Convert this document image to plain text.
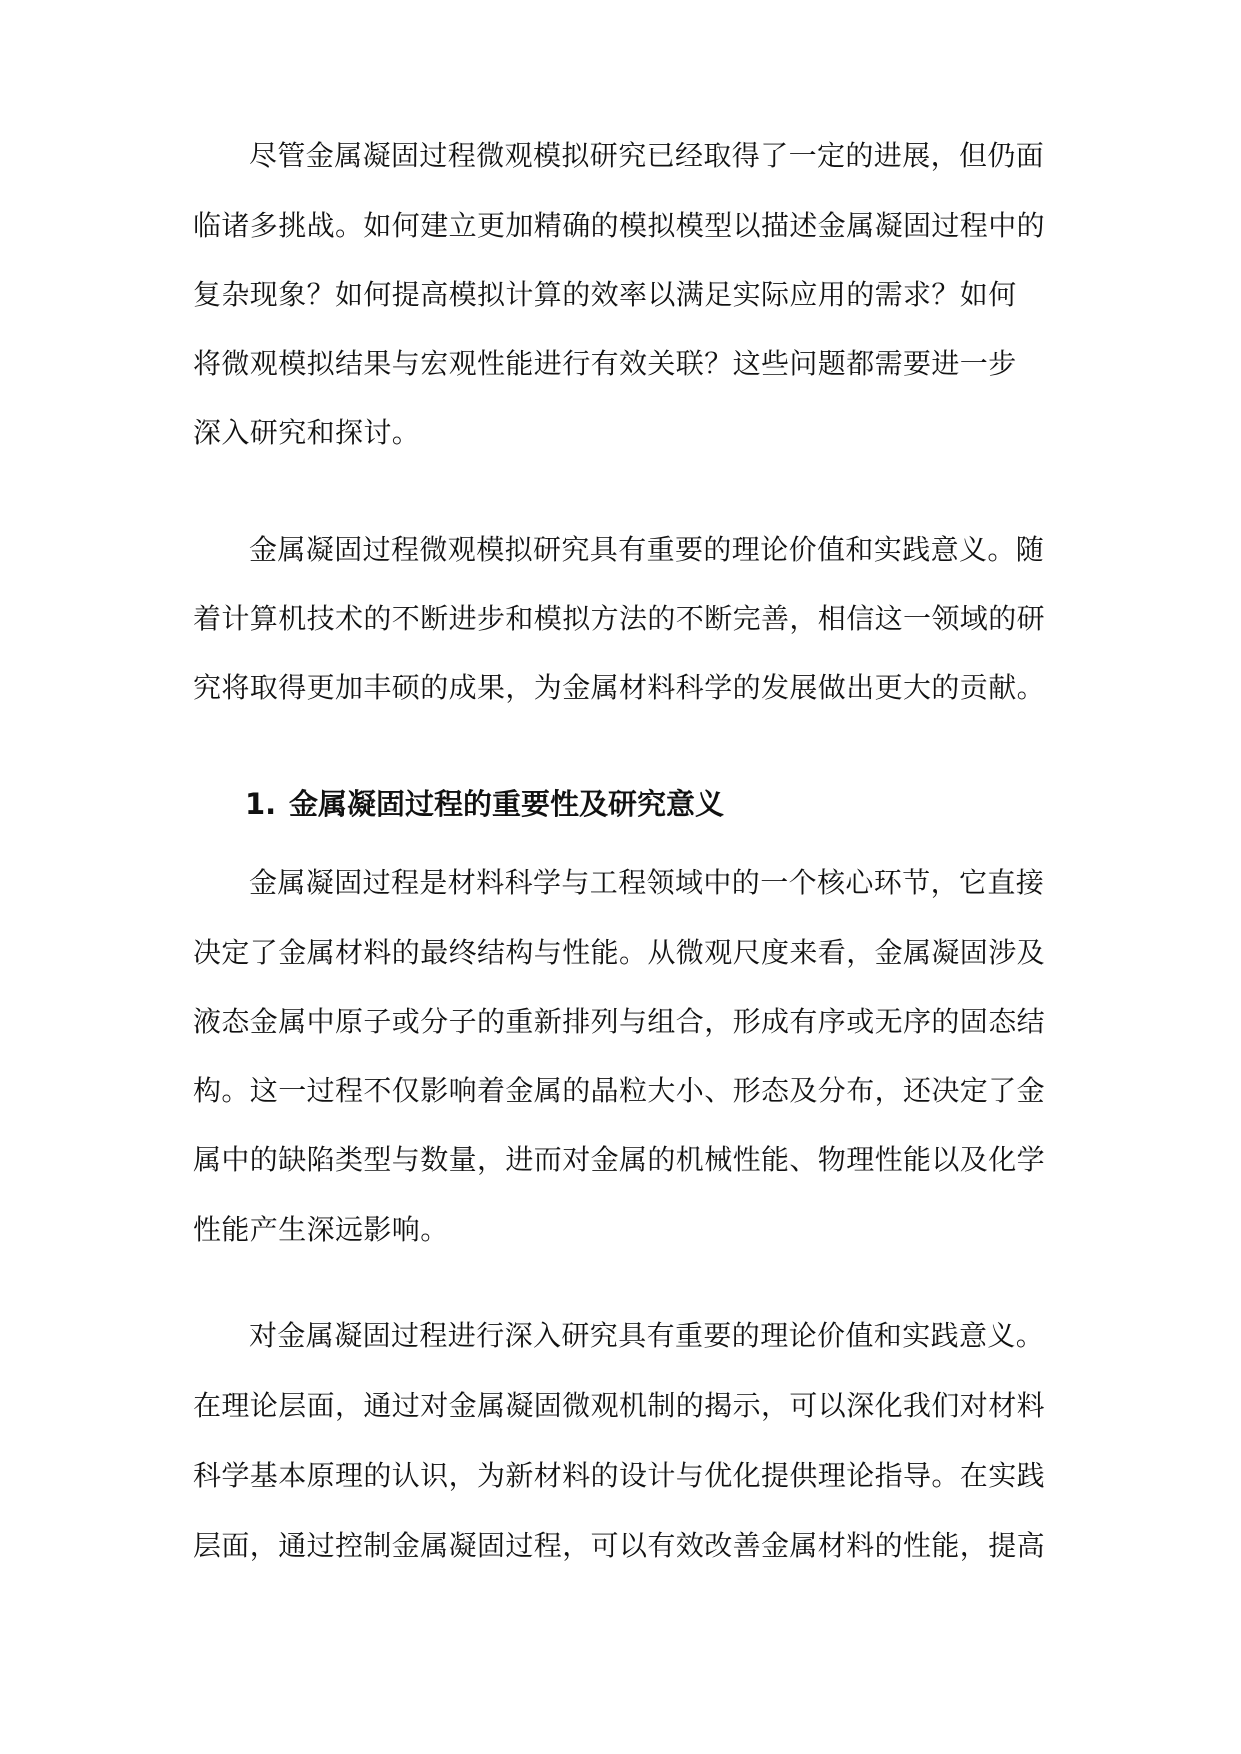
尽管金属凝固过程微观模拟研究已经取得了一定的进展，但仍面
临诸多挑战。如何建立更加精确的模拟模型以描述金属凝固过程中的
复杂现象？如何提高模拟计算的效率以满足实际应用的需求？如何
将微观模拟结果与宏观性能进行有效关联？这些问题都需要进一步
深入研究和探讨。
金属凝固过程微观模拟研究具有重要的理论价值和实践意义。随
着计算机技术的不断进步和模拟方法的不断完善，相信这一领域的研
究将取得更加丰硕的成果，为金属材料科学的发展做出更大的贡献。
1. 金属凝固过程的重要性及研究意义
金属凝固过程是材料科学与工程领域中的一个核心环节，它直接
决定了金属材料的最终结构与性能。从微观尺度来看，金属凝固涉及
液态金属中原子或分子的重新排列与组合，形成有序或无序的固态结
构。这一过程不仅影响着金属的晶粒大小、形态及分布，还决定了金
属中的缺陷类型与数量，进而对金属的机械性能、物理性能以及化学
性能产生深远影响。
对金属凝固过程进行深入研究具有重要的理论价值和实践意义。
在理论层面，通过对金属凝固微观机制的揭示，可以深化我们对材料
科学基本原理的认识，为新材料的设计与优化提供理论指导。在实践
层面，通过控制金属凝固过程，可以有效改善金属材料的性能，提高
